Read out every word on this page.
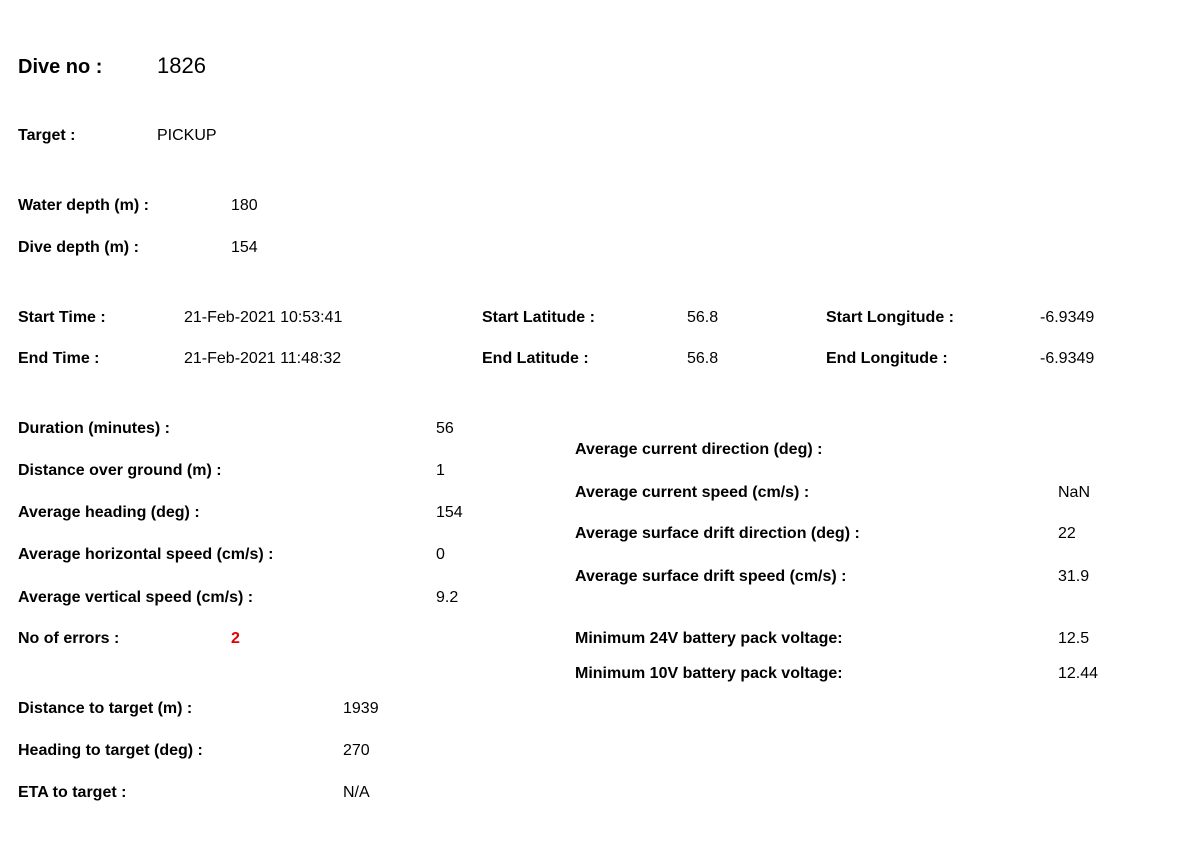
Dive no : 1826
Target :	PICKUP
Water depth (m) :	180
Dive depth (m) :	154
Start Time :	21-Feb-2021 10:53:41	Start Latitude :	56.8	Start Longitude :	-6.9349
End Time :	21-Feb-2021 11:48:32	End Latitude :	56.8	End Longitude :	-6.9349
Duration (minutes) :	56
Distance over ground (m) :	1
Average heading (deg) :	154
Average horizontal speed (cm/s) :	0
Average vertical speed (cm/s) :	9.2
No of errors :	2
Average current direction (deg) :
Average current speed (cm/s) :	NaN
Average surface drift direction (deg) :	22
Average surface drift speed (cm/s) :	31.9
Minimum 24V battery pack voltage:	12.5
Minimum 10V battery pack voltage:	12.44
Distance to target (m) :	1939
Heading to target (deg) :	270
ETA to target :	N/A
